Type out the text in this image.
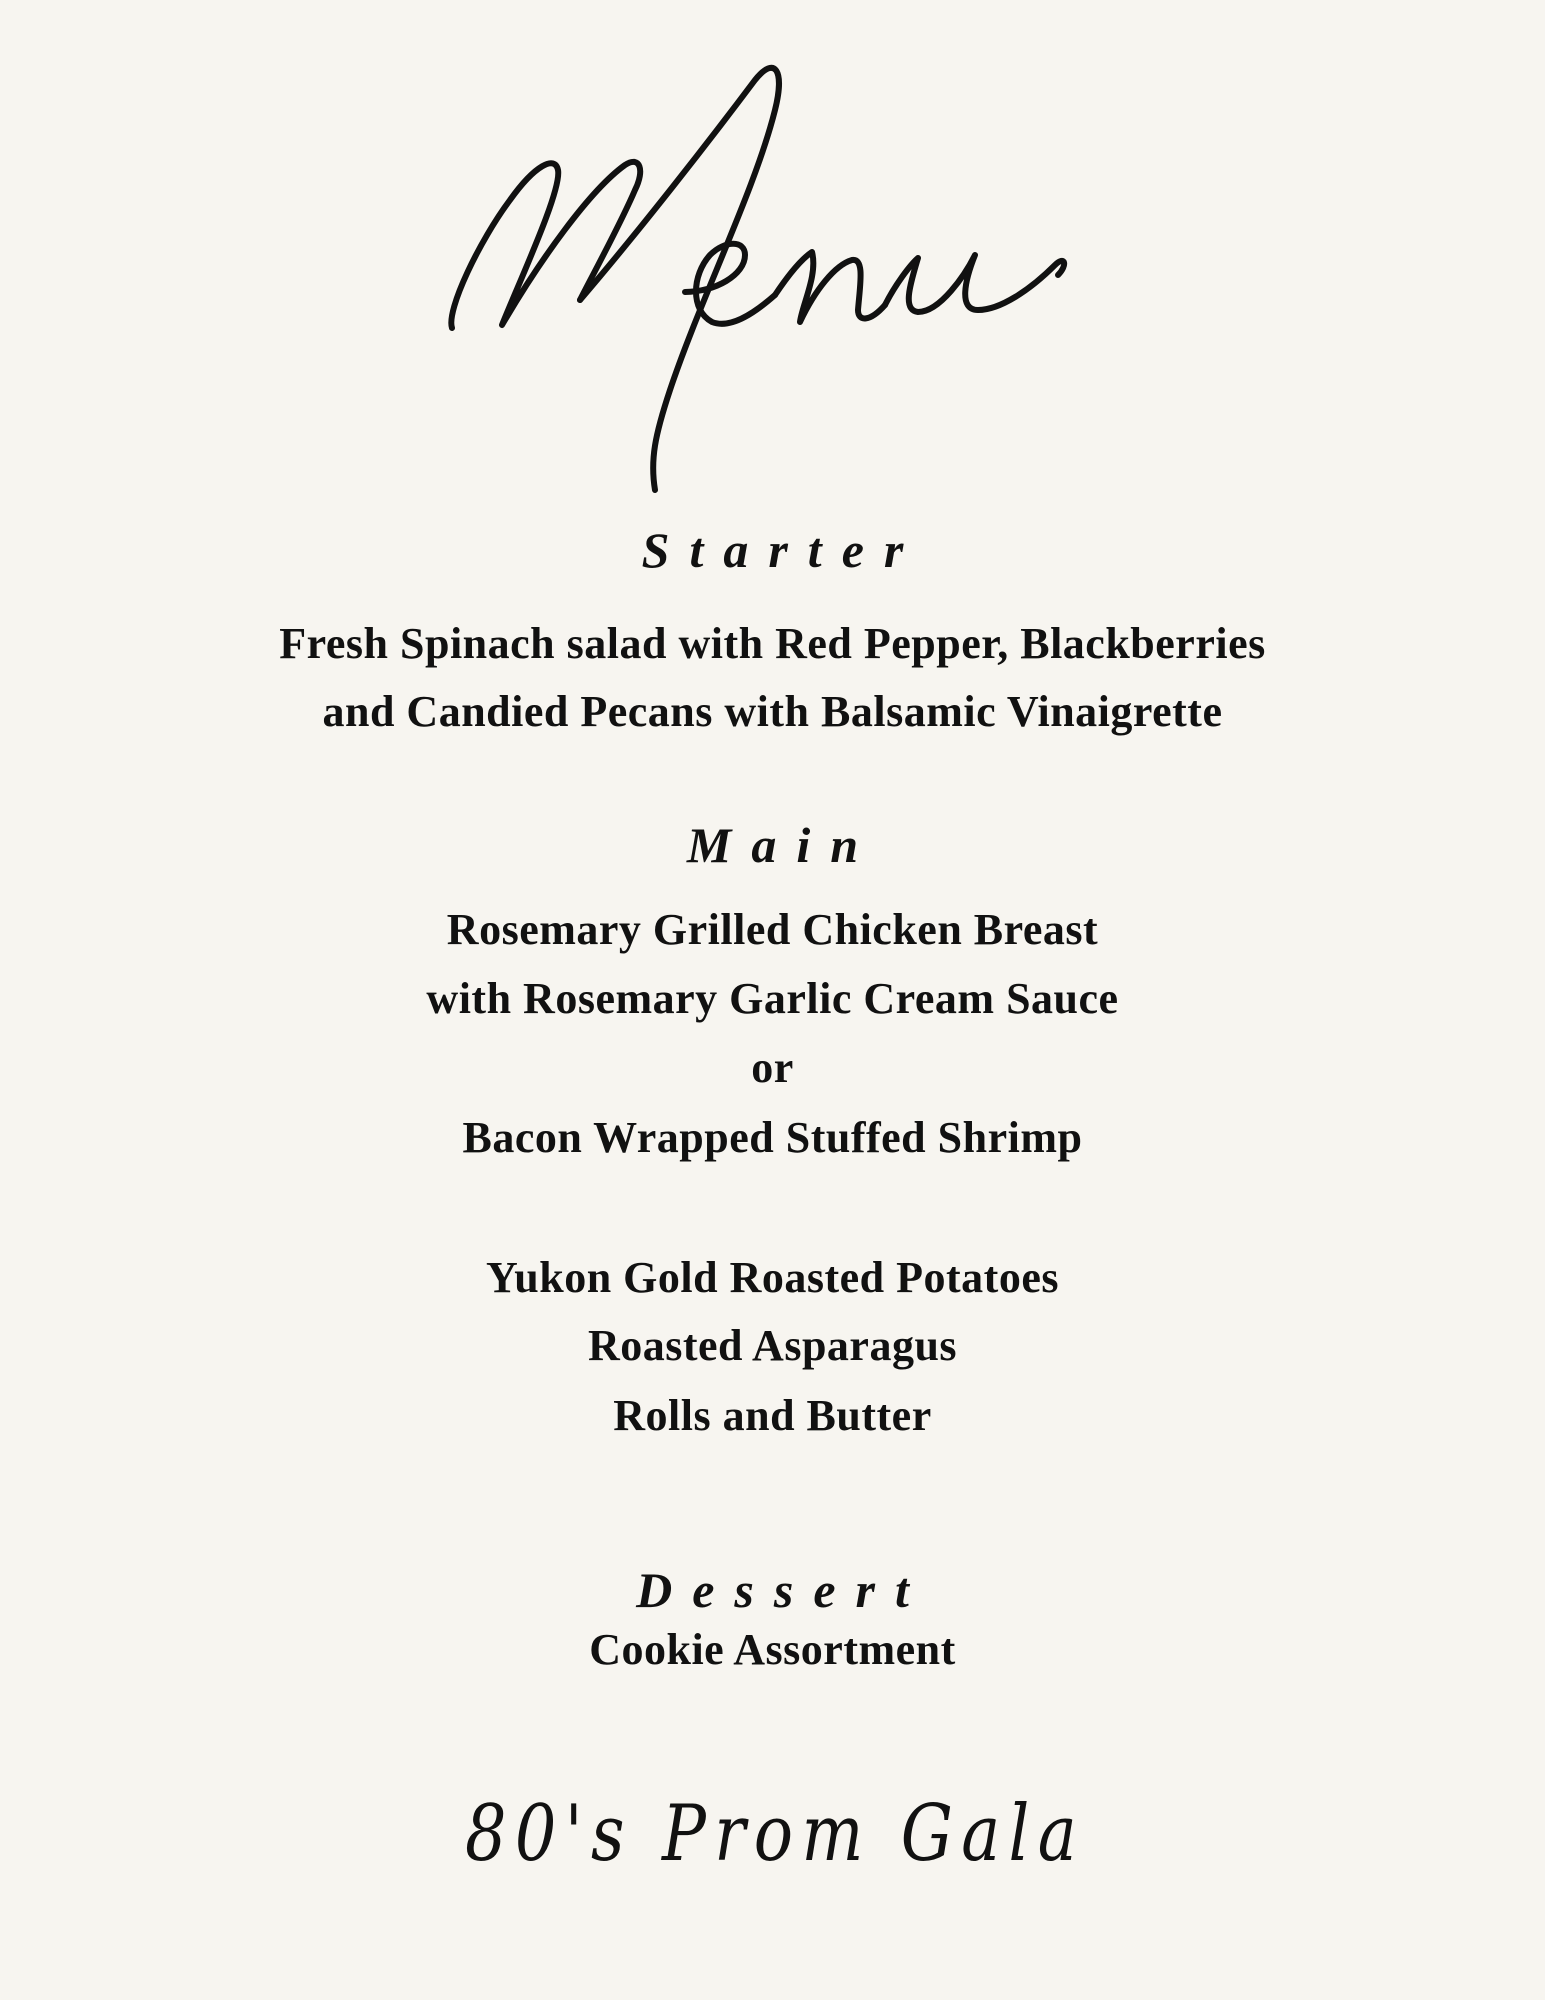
Starter
Fresh Spinach salad with Red Pepper, Blackberries
and Candied Pecans with Balsamic Vinaigrette
Main
Rosemary Grilled Chicken Breast
with Rosemary Garlic Cream Sauce
or
Bacon Wrapped Stuffed Shrimp
Yukon Gold Roasted Potatoes
Roasted Asparagus
Rolls and Butter
Dessert
Cookie Assortment
80's Prom Gala
